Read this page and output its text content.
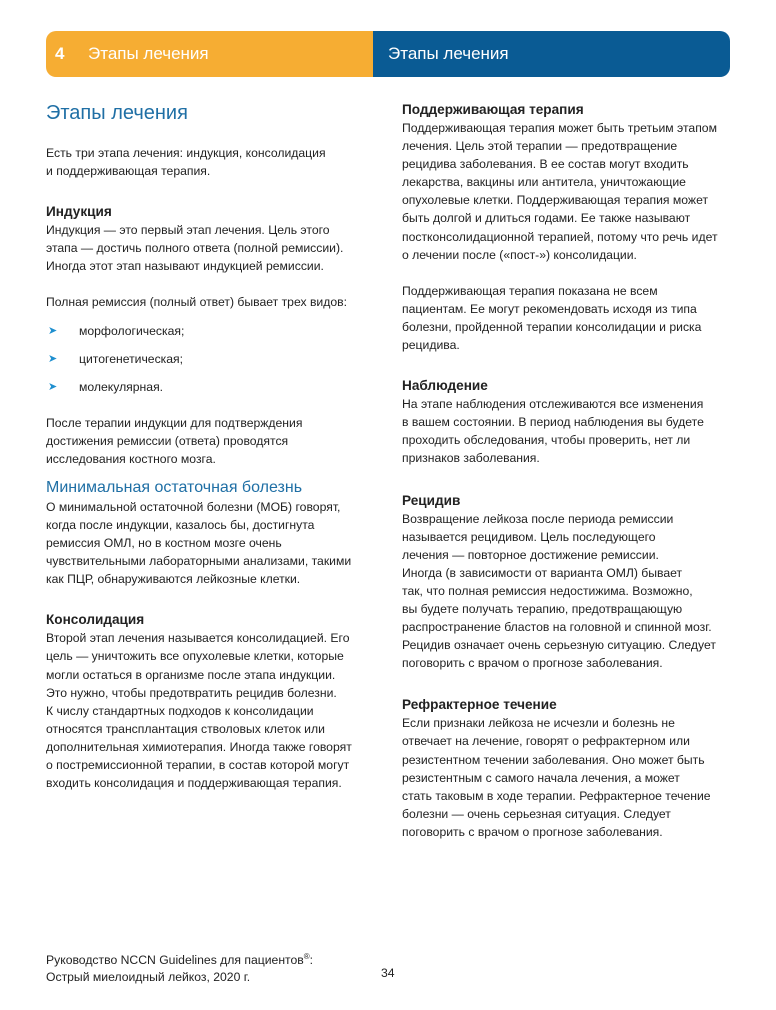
4	Этапы лечения	Этапы лечения
Этапы лечения

Есть три этапа лечения: индукция, консолидация
и поддерживающая терапия.

Индукция

Индукция — это первый этап лечения. Цель этого
этапа — достичь полного ответа (полной ремиссии).
Иногда этот этап называют индукцией ремиссии.

Полная ремиссия (полный ответ) бывает трех видов:

➤	морфологическая;
➤	цитогенетическая;
➤	молекулярная.

После терапии индукции для подтверждения
достижения ремиссии (ответа) проводятся
исследования костного мозга.

Минимальная остаточная болезнь

О минимальной остаточной болезни (МОБ) говорят,
когда после индукции, казалось бы, достигнута
ремиссия ОМЛ, но в костном мозге очень
чувствительными лабораторными анализами, такими
как ПЦР, обнаруживаются лейкозные клетки.

Консолидация

Второй этап лечения называется консолидацией. Его
цель — уничтожить все опухолевые клетки, которые
могли остаться в организме после этапа индукции.
Это нужно, чтобы предотвратить рецидив болезни.
К числу стандартных подходов к консолидации
относятся трансплантация стволовых клеток или
дополнительная химиотерапия. Иногда также говорят
о постремиссионной терапии, в состав которой могут
входить консолидация и поддерживающая терапия.

Поддерживающая терапия

Поддерживающая терапия может быть третьим этапом
лечения. Цель этой терапии — предотвращение
рецидива заболевания. В ее состав могут входить
лекарства, вакцины или антитела, уничтожающие
опухолевые клетки. Поддерживающая терапия может
быть долгой и длиться годами. Ее также называют
постконсолидационной терапией, потому что речь идет
о лечении после («пост-») консолидации.

Поддерживающая терапия показана не всем
пациентам. Ее могут рекомендовать исходя из типа
болезни, пройденной терапии консолидации и риска
рецидива.

Наблюдение

На этапе наблюдения отслеживаются все изменения
в вашем состоянии. В период наблюдения вы будете
проходить обследования, чтобы проверить, нет ли
признаков заболевания.

Рецидив

Возвращение лейкоза после периода ремиссии
называется рецидивом. Цель последующего
лечения — повторное достижение ремиссии.
Иногда (в зависимости от варианта ОМЛ) бывает
так, что полная ремиссия недостижима. Возможно,
вы будете получать терапию, предотвращающую
распространение бластов на головной и спинной мозг.
Рецидив означает очень серьезную ситуацию. Следует
поговорить с врачом о прогнозе заболевания.

Рефрактерное течение

Если признаки лейкоза не исчезли и болезнь не
отвечает на лечение, говорят о рефрактерном или
резистентном течении заболевания. Оно может быть
резистентным с самого начала лечения, а может
стать таковым в ходе терапии. Рефрактерное течение
болезни — очень серьезная ситуация. Следует
поговорить с врачом о прогнозе заболевания.

Руководство NCCN Guidelines для пациентов®:
Острый миелоидный лейкоз, 2020 г.	34
